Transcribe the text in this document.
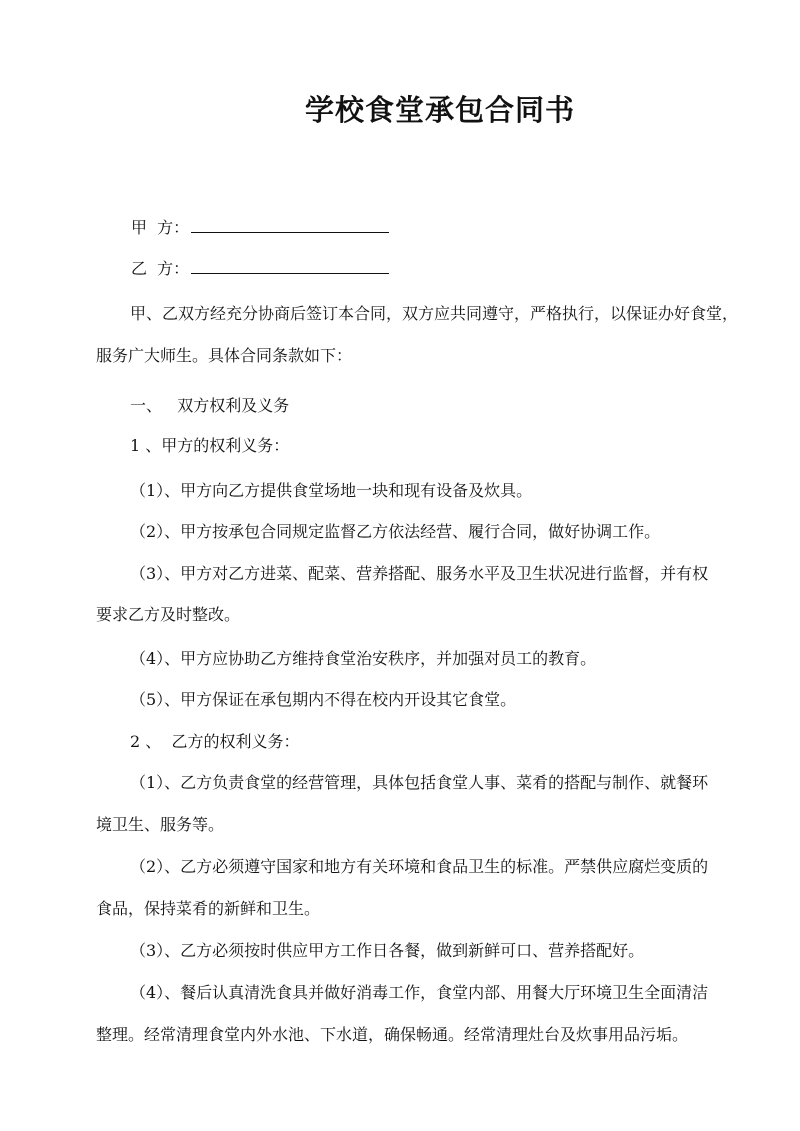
学校食堂承包合同书
甲  方：
乙  方：
甲、乙双方经充分协商后签订本合同，双方应共同遵守，严格执行，以保证办好食堂，
服务广大师生。具体合同条款如下：
一、   双方权利及义务
1 、甲方的权利义务：
（1）、甲方向乙方提供食堂场地一块和现有设备及炊具。
（2）、甲方按承包合同规定监督乙方依法经营、履行合同，做好协调工作。
（3）、甲方对乙方进菜、配菜、营养搭配、服务水平及卫生状况进行监督，并有权
要求乙方及时整改。
（4）、甲方应协助乙方维持食堂治安秩序，并加强对员工的教育。
（5）、甲方保证在承包期内不得在校内开设其它食堂。
2 、  乙方的权利义务：
（1）、乙方负责食堂的经营管理，具体包括食堂人事、菜肴的搭配与制作、就餐环
境卫生、服务等。
（2）、乙方必须遵守国家和地方有关环境和食品卫生的标准。严禁供应腐烂变质的
食品，保持菜肴的新鲜和卫生。
（3）、乙方必须按时供应甲方工作日各餐，做到新鲜可口、营养搭配好。
（4）、餐后认真清洗食具并做好消毒工作，食堂内部、用餐大厅环境卫生全面清洁
整理。经常清理食堂内外水池、下水道，确保畅通。经常清理灶台及炊事用品污垢。
